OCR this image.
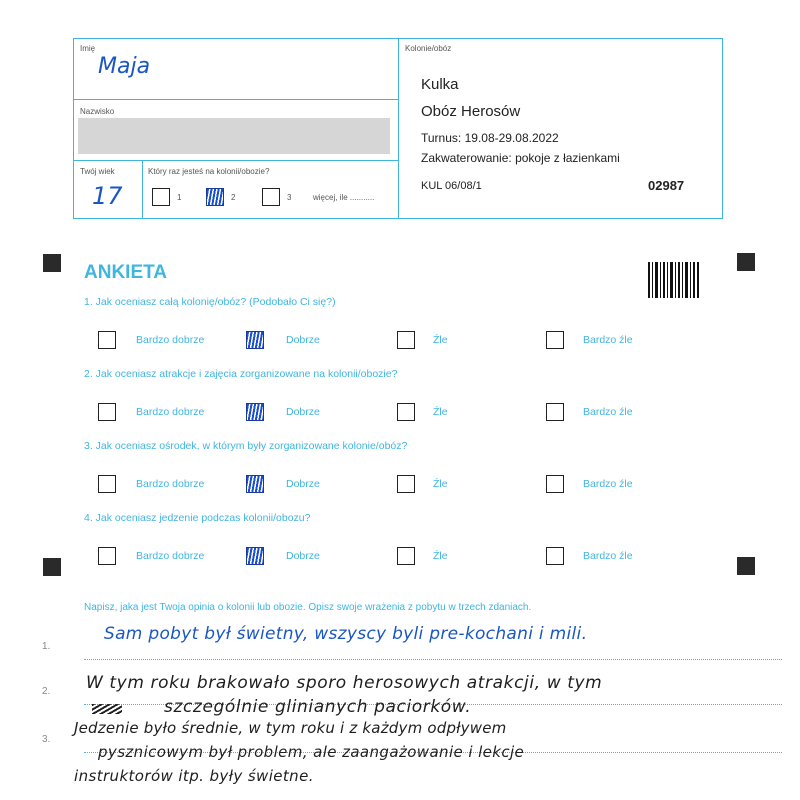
Imię
Maja
Nazwisko
Twój wiek
17
Który raz jesteś na kolonii/obozie?
1	2	3	więcej, ile ...........
Kolonie/obóz
Kulka
Obóz Herosów
Turnus: 19.08-29.08.2022
Zakwaterowanie: pokoje z łazienkami
KUL 06/08/1	02987
ANKIETA
1. Jak oceniasz całą kolonię/obóz? (Podobało Ci się?)
Bardzo dobrze	Dobrze	Źle	Bardzo źle
2. Jak oceniasz atrakcje i zajęcia zorganizowane na kolonii/obozie?
Bardzo dobrze	Dobrze	Źle	Bardzo źle
3. Jak oceniasz ośrodek, w którym były zorganizowane kolonie/obóz?
Bardzo dobrze	Dobrze	Źle	Bardzo źle
4. Jak oceniasz jedzenie podczas kolonii/obozu?
Bardzo dobrze	Dobrze	Źle	Bardzo źle
Napisz, jaka jest Twoja opinia o kolonii lub obozie. Opisz swoje wrażenia z pobytu w trzech zdaniach.
1.
2.
3.
Sam pobyt był świetny, wszyscy byli pre-kochani i mili.
W tym roku brakowało sporo herosowych atrakcji, w tym
szczególnie glinianych paciorków.
Jedzenie było średnie, w tym roku i z każdym odpływem
pysznicowym był problem, ale zaangażowanie i lekcje
instruktorów itp. były świetne.
